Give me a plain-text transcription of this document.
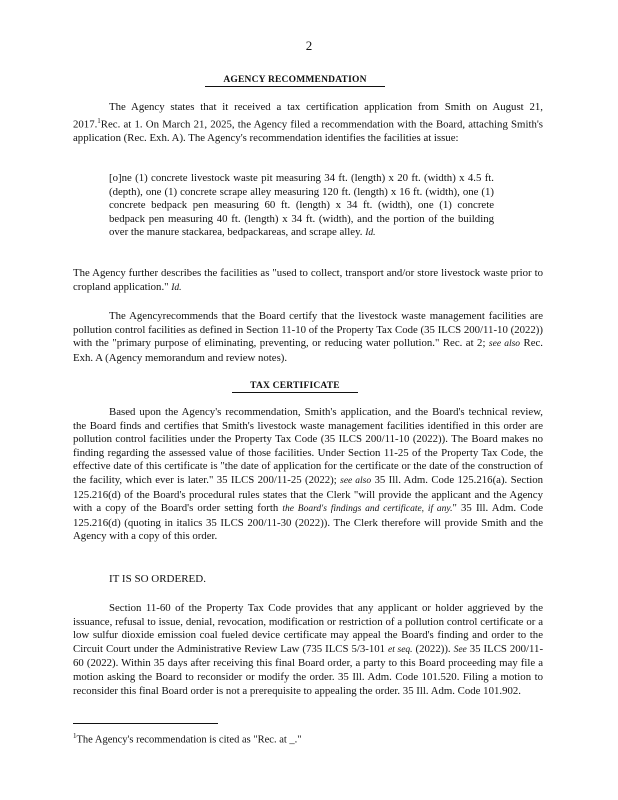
2
AGENCY RECOMMENDATION

The Agency states that it received a tax certification application from Smith on August 21, 2017.$^1$Rec. at 1. On March 21, 2025, the Agency filed a recommendation with the Board, attaching Smith's application (Rec. Exh. A). The Agency's recommendation identifies the facilities at issue:

[o]ne (1) concrete livestock waste pit measuring 34 ft. (length) x 20 ft. (width) x 4.5 ft. (depth), one (1) concrete scrape alley measuring 120 ft. (length) x 16 ft. (width), one (1) concrete bedpack pen measuring 60 ft. (length) x 34 ft. (width), one (1) concrete bedpack pen measuring 40 ft. (length) x 34 ft. (width), and the portion of the building over the manure stackarea, bedpackareas, and scrape alley. Id.

The Agency further describes the facilities as "used to collect, transport and/or store livestock waste prior to cropland application." Id.

The Agencyrecommends that the Board certify that the livestock waste management facilities are pollution control facilities as defined in Section 11-10 of the Property Tax Code (35 ILCS 200/11-10 (2022)) with the "primary purpose of eliminating, preventing, or reducing water pollution." Rec. at 2; see also Rec. Exh. A (Agency memorandum and review notes).

TAX CERTIFICATE

Based upon the Agency's recommendation, Smith's application, and the Board's technical review, the Board finds and certifies that Smith's livestock waste management facilities identified in this order are pollution control facilities under the Property Tax Code (35 ILCS 200/11-10 (2022)). The Board makes no finding regarding the assessed value of those facilities. Under Section 11-25 of the Property Tax Code, the effective date of this certificate is "the date of application for the certificate or the date of the construction of the facility, which ever is later." 35 ILCS 200/11-25 (2022); see also 35 Ill. Adm. Code 125.216(a). Section 125.216(d) of the Board's procedural rules states that the Clerk "will provide the applicant and the Agency with a copy of the Board's order setting forth the Board's findings and certificate, if any." 35 Ill. Adm. Code 125.216(d) (quoting in italics 35 ILCS 200/11-30 (2022)). The Clerk therefore will provide Smith and the Agency with a copy of this order.

IT IS SO ORDERED.

Section 11-60 of the Property Tax Code provides that any applicant or holder aggrieved by the issuance, refusal to issue, denial, revocation, modification or restriction of a pollution control certificate or a low sulfur dioxide emission coal fueled device certificate may appeal the Board's finding and order to the Circuit Court under the Administrative Review Law (735 ILCS 5/3-101 et seq. (2022)). See 35 ILCS 200/11-60 (2022). Within 35 days after receiving this final Board order, a party to this Board proceeding may file a motion asking the Board to reconsider or modify the order. 35 Ill. Adm. Code 101.520. Filing a motion to reconsider this final Board order is not a prerequisite to appealing the order. 35 Ill. Adm. Code 101.902.

$^1$The Agency's recommendation is cited as "Rec. at _."
